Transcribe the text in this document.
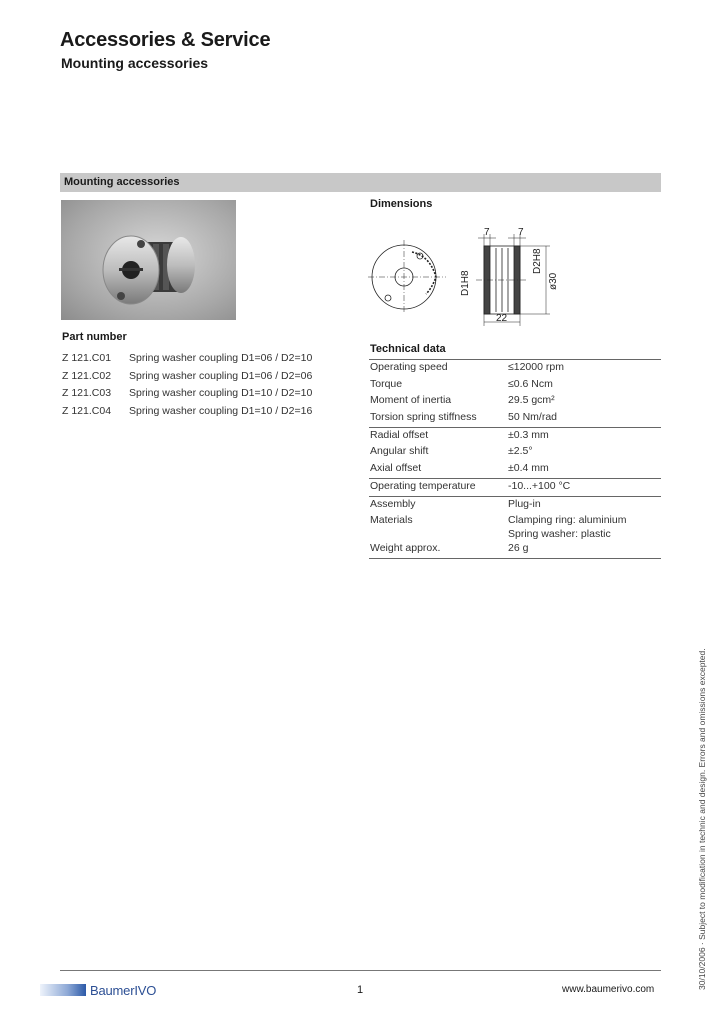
Accessories & Service
Mounting accessories
Mounting accessories
Part number
Z 121.C01 Spring washer coupling D1=06 / D2=10
Z 121.C02 Spring washer coupling D1=06 / D2=06
Z 121.C03 Spring washer coupling D1=10 / D2=10
Z 121.C04 Spring washer coupling D1=10 / D2=16
Dimensions
7	7
22
D1H8
D2H8
ø30
Technical data
Operating speed	≤12000 rpm
Torque	≤0.6 Ncm
Moment of inertia	29.5 gcm²
Torsion spring stiffness	50 Nm/rad
Radial offset	±0.3 mm
Angular shift	±2.5°
Axial offset	±0.4 mm
Operating temperature	-10...+100 °C
Assembly	Plug-in
Materials	Clamping ring: aluminium
Spring washer: plastic

Weight approx.	26 g
Baumer IVO	1	www.baumerivo.com	30/10/2006 · Subject to modification in technic and design. Errors and omissions excepted.
